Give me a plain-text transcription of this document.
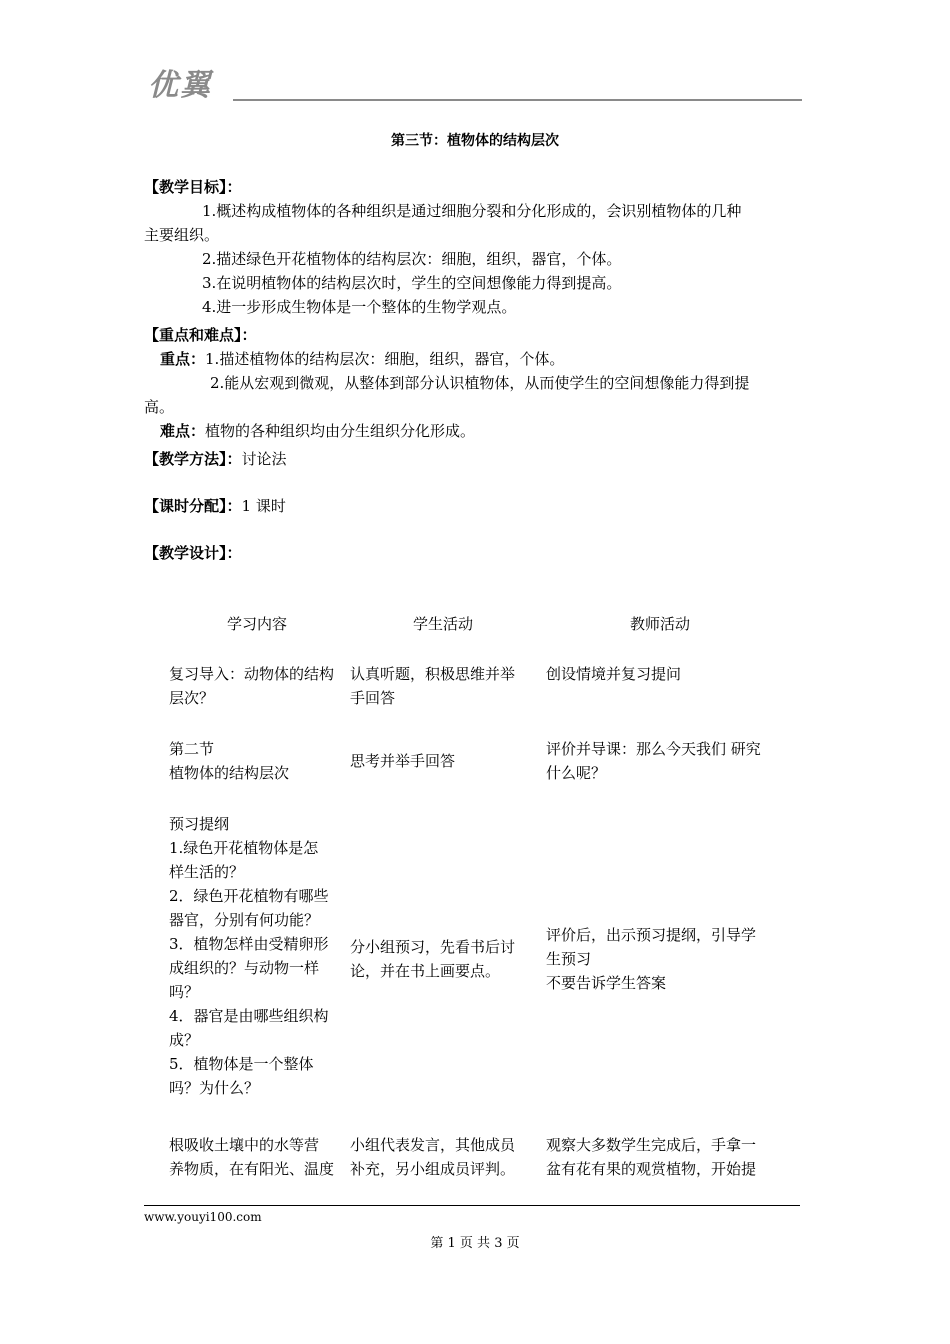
优翼
第三节：植物体的结构层次
【教学目标】：
1.概述构成植物体的各种组织是通过细胞分裂和分化形成的，会识别植物体的几种
主要组织。
2.描述绿色开花植物体的结构层次：细胞，组织，器官，个体。
3.在说明植物体的结构层次时，学生的空间想像能力得到提高。
4.进一步形成生物体是一个整体的生物学观点。
【重点和难点】：
重点：1.描述植物体的结构层次：细胞，组织，器官，个体。
2.能从宏观到微观，从整体到部分认识植物体，从而使学生的空间想像能力得到提
高。
难点：植物的各种组织均由分生组织分化形成。
【教学方法】：讨论法
【课时分配】：1 课时
【教学设计】：
学习内容	学生活动	教师活动
复习导入：动物体的结构
层次？
认真听题，积极思维并举
手回答
创设情境并复习提问
第二节
植物体的结构层次
思考并举手回答
评价并导课：那么今天我们 研究
什么呢？
预习提纲
1.绿色开花植物体是怎
样生活的？
2．绿色开花植物有哪些
器官，分别有何功能？
3．植物怎样由受精卵形
成组织的？与动物一样
吗？
4．器官是由哪些组织构
成？
5．植物体是一个整体
吗？为什么？
分小组预习，先看书后讨
论，并在书上画要点。
评价后，出示预习提纲，引导学
生预习
不要告诉学生答案
根吸收土壤中的水等营
养物质，在有阳光、温度
小组代表发言，其他成员
补充，另小组成员评判。
观察大多数学生完成后，手拿一
盆有花有果的观赏植物，开始提
www.youyi100.com
第 1 页 共 3 页
